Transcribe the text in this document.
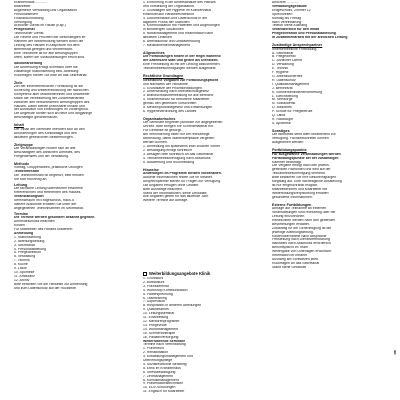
Krankenhaus ............
Mitarbeiter
Allgemeine Verwaltung und Organisation
Personalwesen
Finanzbuchhaltung
Versorgung
Ärztlicher Dienst im Hause (Kap.)
Pflegedienst
Technischer Dienst
Die Rechte und Pflichten der Beschäftigten im
Rahmen der Weiterbildung werden durch die
Leitung des Hauses in Absprache mit dem
Betriebsrat geregelt und veröffentlicht.
Eine Teilnahme ist für alle Berufsgruppen
offen, sofern die Voraussetzungen erfüllt sind.
Sachbearbeitung
Die Anmeldung erfolgt schriftlich über die
zuständige Stationsleitung bzw. Abteilung.
Rückfragen richten Sie bitte an das Sekretariat.
Ziele
Ziel der innerbetrieblichen Fortbildung ist die
Sicherung und Weiterentwicklung der fachlichen
Kompetenz aller Mitarbeiterinnen und Mitarbeiter
sowie die Verbesserung der Zusammenarbeit
zwischen den verschiedenen Berufsgruppen des
Hauses. Dabei stehen praxisnahe Inhalte und
der Austausch von Erfahrungen im Vordergrund.
Die Angebote richten sich an neue und langjährige
Beschäftigte gleichermaßen.
Inhalt
Der Inhalt der Seminare orientiert sich an den
Anforderungen des Klinikalltags und den
aktuellen gesetzlichen Bestimmungen.
Zielgruppe
Die Veranstaltungen richten sich an alle
Beschäftigten des ärztlichen Dienstes, des
Pflegedienstes und der Verwaltung.
Methode
Vortrag, Gruppenarbeit, praktische Übungen
Teilnehmerzahl
Die Teilnehmerzahl ist begrenzt, bitte melden
Sie sich frühzeitig an.
Leitung
Die fachliche Leitung übernehmen erfahrene
Referentinnen und Referenten des Hauses.
Veranstaltungsort
Seminarraum im Erdgeschoss, Haus A
Nähere Auskünfte erhalten Sie unter der
angegebenen Telefonnummer im Sekretariat.
Termine
Die Termine werden gesondert bekannt gegeben.
Anmeldeschluss beachten
Kosten
Für Mitarbeiter des Hauses kostenfrei
Anmeldung
1. Stationsleitung
2. Abteilungsleitung
3. Sekretariat
4. Personalabteilung
5. Pflegedirektion
6. Verwaltung
7. Technik
8. Küche
9. Labor
10. Apotheke
11. Ambulanz
12. Archiv
Bitte beachten Sie die Hinweise zur Anmeldung
und zum Datenschutz auf der Rückseite.
1. Einführung in die Arbeitsabläufe des Hauses
und Vorstellung der Organisation
2. Grundlagen der Hygiene im Krankenhaus
einschließlich Händedesinfektion
3. Dokumentation und Datenschutz in der
täglichen Praxis der Stationen
4. Kommunikation mit Patienten und Angehörigen
in schwierigen Situationen
5. Notfallmanagement und Reanimation nach
aktuellen Leitlinien
6. Arbeitsschutz und Unfallverhütung
7. Medikamentenmanagement
Allgemeines
Die Fortbildungen finden in der Regel während
der Arbeitszeit statt und gelten als Dienstzeit.
Eine Freistellung ist mit der Leitung abzustimmen.
Teilnahmebescheinigungen werden ausgestellt.
Rechtliche Grundlagen
Gesetzliche Vorgaben zur Fortbildungspflicht
und Nachweis der Teilnahme
1. Grundsätze der Pflichtfortbildungen
2. Unterweisung nach Arbeitsschutzgesetz
3. Brandschutzunterweisung für alle Bereiche
4. Strahlenschutz für betroffene Mitarbeiter
gemäß den geltenden Vorschriften
5. Medizinproduktegesetz und Einweisungen
6. Hygieneverordnung des Landes
Organisatorisches
Die Seminare beginnen pünktlich zur angegebenen
Uhrzeit. Bitte bringen Sie Schreibmaterial mit.
Für Getränke ist gesorgt.
Bei Verhinderung bitten wir um rechtzeitige
Abmeldung, damit Wartelistenplätze vergeben
werden können.
1. Anmeldung bis spätestens zwei Wochen vorher
2. Bestätigung erfolgt schriftlich
3. Absagen bitte schriftlich an das Sekretariat
4. Teilnahmebescheinigung nach Abschluss
5. Auswertung und Rückmeldung
Hinweise
Änderungen im Programm bleiben vorbehalten.
Aktuelle Informationen finden Sie im Intranet.
Ansprechpartner stehen für Fragen zur Verfügung.
Die Angaben erfolgen ohne Gewähr.
Bitte Aushänge beachten.
Stand der Informationen: siehe Deckblatt.
Alle Angaben gelten für das laufende Jahr.
Weitere Termine auf Anfrage.
Weiterbildungsangebote Klinik
1. Grundkurs
2. Aufbaukurs
3. Praxisseminar
4. Workshop Kommunikation
5. Fallbesprechung
6. Teamtraining
7. Supervision
8. Hospitation in anderen Abteilungen
9. Qualitätszirkel
10. Leitungsseminar
11. Einarbeitung
12. Mentorenprogramm
13. Pflegevisite
14. Wundmanagement
15. Schmerztherapie
16. Palliativversorgung
Weiterführende Seminare
Termine nach Vereinbarung
1. Prävention
2. Rehabilitation
3. Entlassungsmanagement und
Überleitungspflege
4. Sozialrechtliche Beratung
5. Ethik im Krankenhaus
6. Stressbewältigung
7. Zeitmanagement
8. Konfliktmanagement
9. Präsentationstechniken
10. EDV-Schulungen
11. Englisch für Mitarbeiter
Anschrift ............
Verwaltungsgebäude
Erdgeschoss, Zimmer 12
Sprechzeiten
Montag bis Freitag
nach Vereinbarung
Telefon siehe Aushang
Verantwortlich für den Inhalt
Pflegedirektion und Personalabteilung
in Zusammenarbeit mit der ärztlichen Leitung
Zuständige Ansprechpartner
Innerbetriebliche Fortbildung
A. Sekretariat
B. Pflegedienst
C. Ärztlicher Dienst
D. Verwaltung
E. Technik
F. Hygiene
G. Arbeitssicherheit
H. Datenschutz
I. Qualitätsmanagement
J. Betriebsrat
K. Schwerbehindertenvertretung
L. Gleichstellung
M. Seelsorge
N. Sozialdienst
O. Bibliothek
P. Schule für Pflegeberufe
Q. Labor
R. Radiologie
S. Apotheke
Sonstiges
Die Bibliothek steht allen Mitarbeitern zur
Verfügung. Fachzeitschriften können
ausgeliehen werden.
Fortbildungspunkte
Für ausgewählte Veranstaltungen werden
Fortbildungspunkte bei der zuständigen
Kammer beantragt.
Die Vergabe erfolgt nach den jeweils
geltenden Richtlinien und wird auf der
Teilnahmebescheinigung vermerkt.
Bitte bewahren Sie Ihre Bescheinigungen
sorgfältig auf. Eine nachträgliche Ausstellung
ist nur eingeschränkt möglich.
Mitarbeiterinnen und Mitarbeiter mit
Weiterbildungsverpflichtung erhalten
gesonderte Informationen.
Externe Fortbildungen
Anträge auf Teilnahme an externen
Veranstaltungen sind rechtzeitig über die
Leitung einzureichen.
Reisekosten werden nach den geltenden
Bestimmungen erstattet.
Zuständig für die Genehmigung ist die
jeweilige Abteilungsleitung.
Kostenübernahme nach Absprache
Freistellung nach Dienstvereinbarung
Nachweis nach Abschluss erforderlich
Berichtspflicht im Team
Weitergabe von Unterlagen erwünscht
Information im Intranet
Aushang am Schwarzen Brett
Rückfragen an das Sekretariat
Stand siehe Deckblatt
IBF
